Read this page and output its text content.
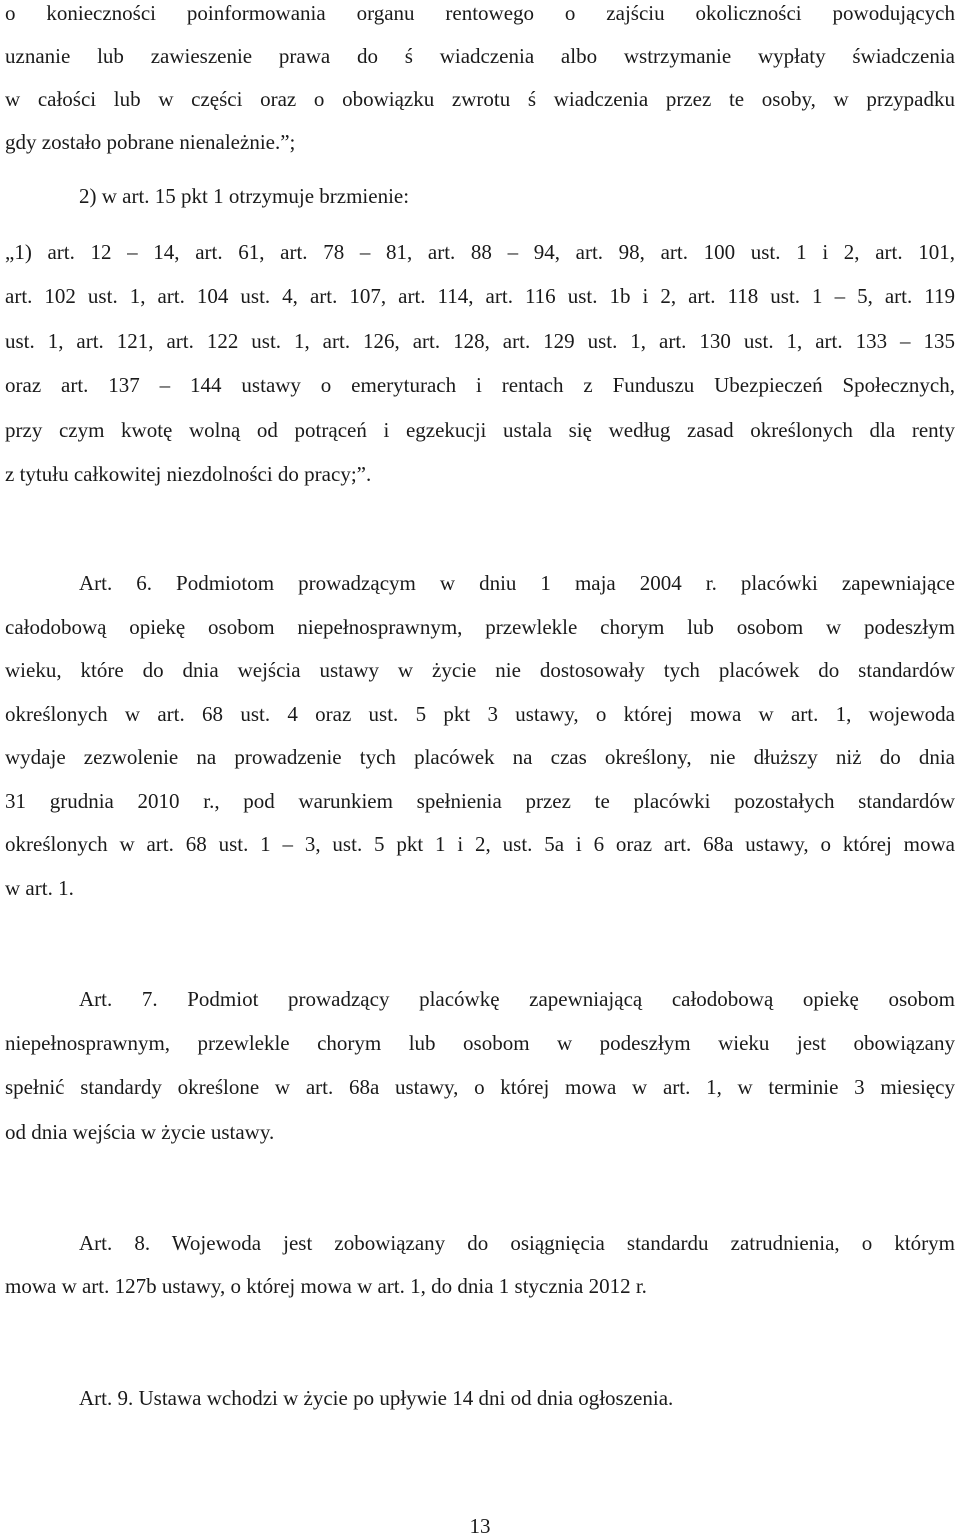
o konieczności poinformowania organu rentowego o zajściu okoliczności powodujących

uznanie lub zawieszenie prawa do ś wiadczenia albo wstrzymanie wypłaty świadczenia

w całości lub w części oraz o obowiązku zwrotu ś wiadczenia przez te osoby, w przypadku

gdy zostało pobrane nienależnie.”;

2) w art. 15 pkt 1 otrzymuje brzmienie:

„1) art. 12 – 14, art. 61, art. 78 – 81, art. 88 – 94, art. 98, art. 100 ust. 1 i 2, art. 101,

art. 102 ust. 1, art. 104 ust. 4, art. 107, art. 114, art. 116 ust. 1b i 2, art. 118 ust. 1 – 5, art. 119

ust. 1, art. 121, art. 122 ust. 1, art. 126, art. 128, art. 129 ust. 1, art. 130 ust. 1, art. 133 – 135

oraz art. 137 – 144 ustawy o emeryturach i rentach z Funduszu Ubezpieczeń Społecznych,

przy czym kwotę wolną od potrąceń i egzekucji ustala się według zasad określonych dla renty

z tytułu całkowitej niezdolności do pracy;”.

Art. 6. Podmiotom prowadzącym w dniu 1 maja 2004 r. placówki zapewniające

całodobową opiekę osobom niepełnosprawnym, przewlekle chorym lub osobom w podeszłym

wieku, które do dnia wejścia ustawy w życie nie dostosowały tych placówek do standardów

określonych w art. 68 ust. 4 oraz ust. 5 pkt 3 ustawy, o której mowa w art. 1, wojewoda

wydaje zezwolenie na prowadzenie tych placówek na czas określony, nie dłuższy niż do dnia

31 grudnia 2010 r., pod warunkiem spełnienia przez te placówki pozostałych standardów

określonych w art. 68 ust. 1 – 3, ust. 5 pkt 1 i 2, ust. 5a i 6 oraz art. 68a ustawy, o której mowa

w art. 1.

Art. 7. Podmiot prowadzący placówkę zapewniającą całodobową opiekę osobom

niepełnosprawnym, przewlekle chorym lub osobom w podeszłym wieku jest obowiązany

spełnić standardy określone w art. 68a ustawy, o której mowa w art. 1, w terminie 3 miesięcy

od dnia wejścia w życie ustawy.

Art. 8. Wojewoda jest zobowiązany do osiągnięcia standardu zatrudnienia, o którym

mowa w art. 127b ustawy, o której mowa w art. 1, do dnia 1 stycznia 2012 r.

Art. 9. Ustawa wchodzi w życie po upływie 14 dni od dnia ogłoszenia.

13
